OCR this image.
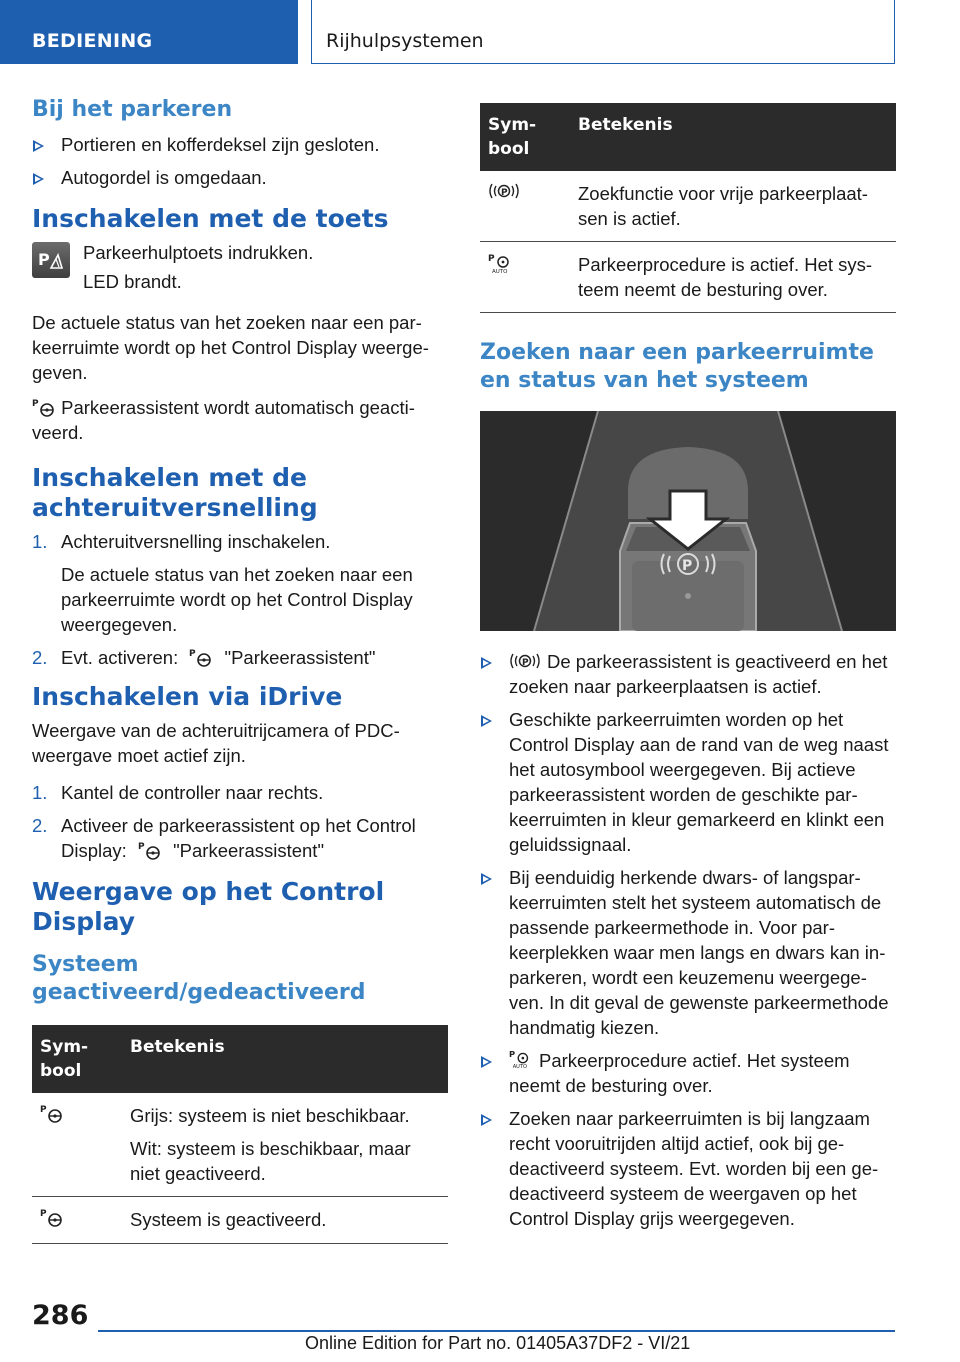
BEDIENING	Rijhulpsystemen
Bij het parkeren
Portieren en kofferdeksel zijn gesloten.
Autogordel is omgedaan.
Inschakelen met de toets
P Parkeerhulptoets indrukken.
LED brandt.
De actuele status van het zoeken naar een par-keerruimte wordt op het Control Display weerge-geven.
P Parkeerassistent wordt automatisch geacti-veerd.
Inschakelen met de achteruitversnelling
1. Achteruitversnelling inschakelen.
De actuele status van het zoeken naar een parkeerruimte wordt op het Control Display weergegeven.
2. Evt. activeren: P "Parkeerassistent"
Inschakelen via iDrive
Weergave van de achteruitrijcamera of PDC-weergave moet actief zijn.
1. Kantel de controller naar rechts.
2. Activeer de parkeerassistent op het Control Display: P "Parkeerassistent"
Weergave op het Control Display
Systeem geactiveerd/gedeactiveerd
Sym-bool	Betekenis

P	Grijs: systeem is niet beschikbaar.

Wit: systeem is beschikbaar, maar niet geactiveerd.

P	Systeem is geactiveerd.

Sym-bool	Betekenis

P	Zoekfunctie voor vrije parkeerplaat-sen is actief.

P
AUTO	Parkeerprocedure is actief. Het sys-teem neemt de besturing over.
Zoeken naar een parkeerruimte en status van het systeem
P
P De parkeerassistent is geactiveerd en het zoeken naar parkeerplaatsen is actief.
Geschikte parkeerruimten worden op het Control Display aan de rand van de weg naast het autosymbool weergegeven. Bij actieve parkeerassistent worden de geschikte par-keerruimten in kleur gemarkeerd en klinkt een geluidssignaal.
Bij eenduidig herkende dwars- of langspar-keerruimten stelt het systeem automatisch de passende parkeermethode in. Voor par-keerplekken waar men langs en dwars kan in-parkeren, wordt een keuzemenu weergege-ven. In dit geval de gewenste parkeermethode handmatig kiezen.
P
AUTO Parkeerprocedure actief. Het systeem neemt de besturing over.
Zoeken naar parkeerruimten is bij langzaam recht vooruitrijden altijd actief, ook bij ge-deactiveerd systeem. Evt. worden bij een ge-deactiveerd systeem de weergaven op het Control Display grijs weergegeven.
286
Online Edition for Part no. 01405A37DF2 - VI/21
